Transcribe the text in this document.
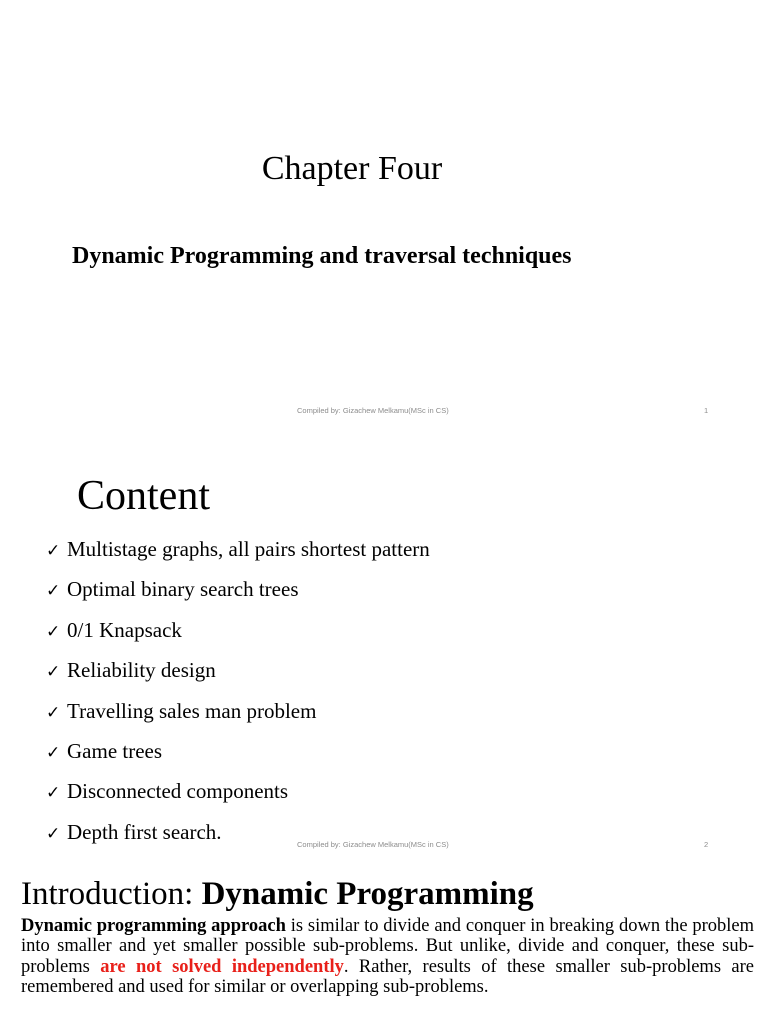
Chapter Four
Dynamic Programming and traversal techniques
Compiled by: Gizachew Melkamu(MSc in CS)	1
Content
✓ Multistage graphs, all pairs shortest pattern
✓ Optimal binary search trees
✓ 0/1 Knapsack
✓ Reliability design
✓ Travelling sales man problem
✓ Game trees
✓ Disconnected components
✓ Depth first search.
Compiled by: Gizachew Melkamu(MSc in CS)	2
Introduction: Dynamic Programming
Dynamic programming approach is similar to divide and conquer in breaking down the problem into smaller and yet smaller possible sub-problems. But unlike, divide and conquer, these sub-problems are not solved independently. Rather, results of these smaller sub-problems are remembered and used for similar or overlapping sub-problems.
